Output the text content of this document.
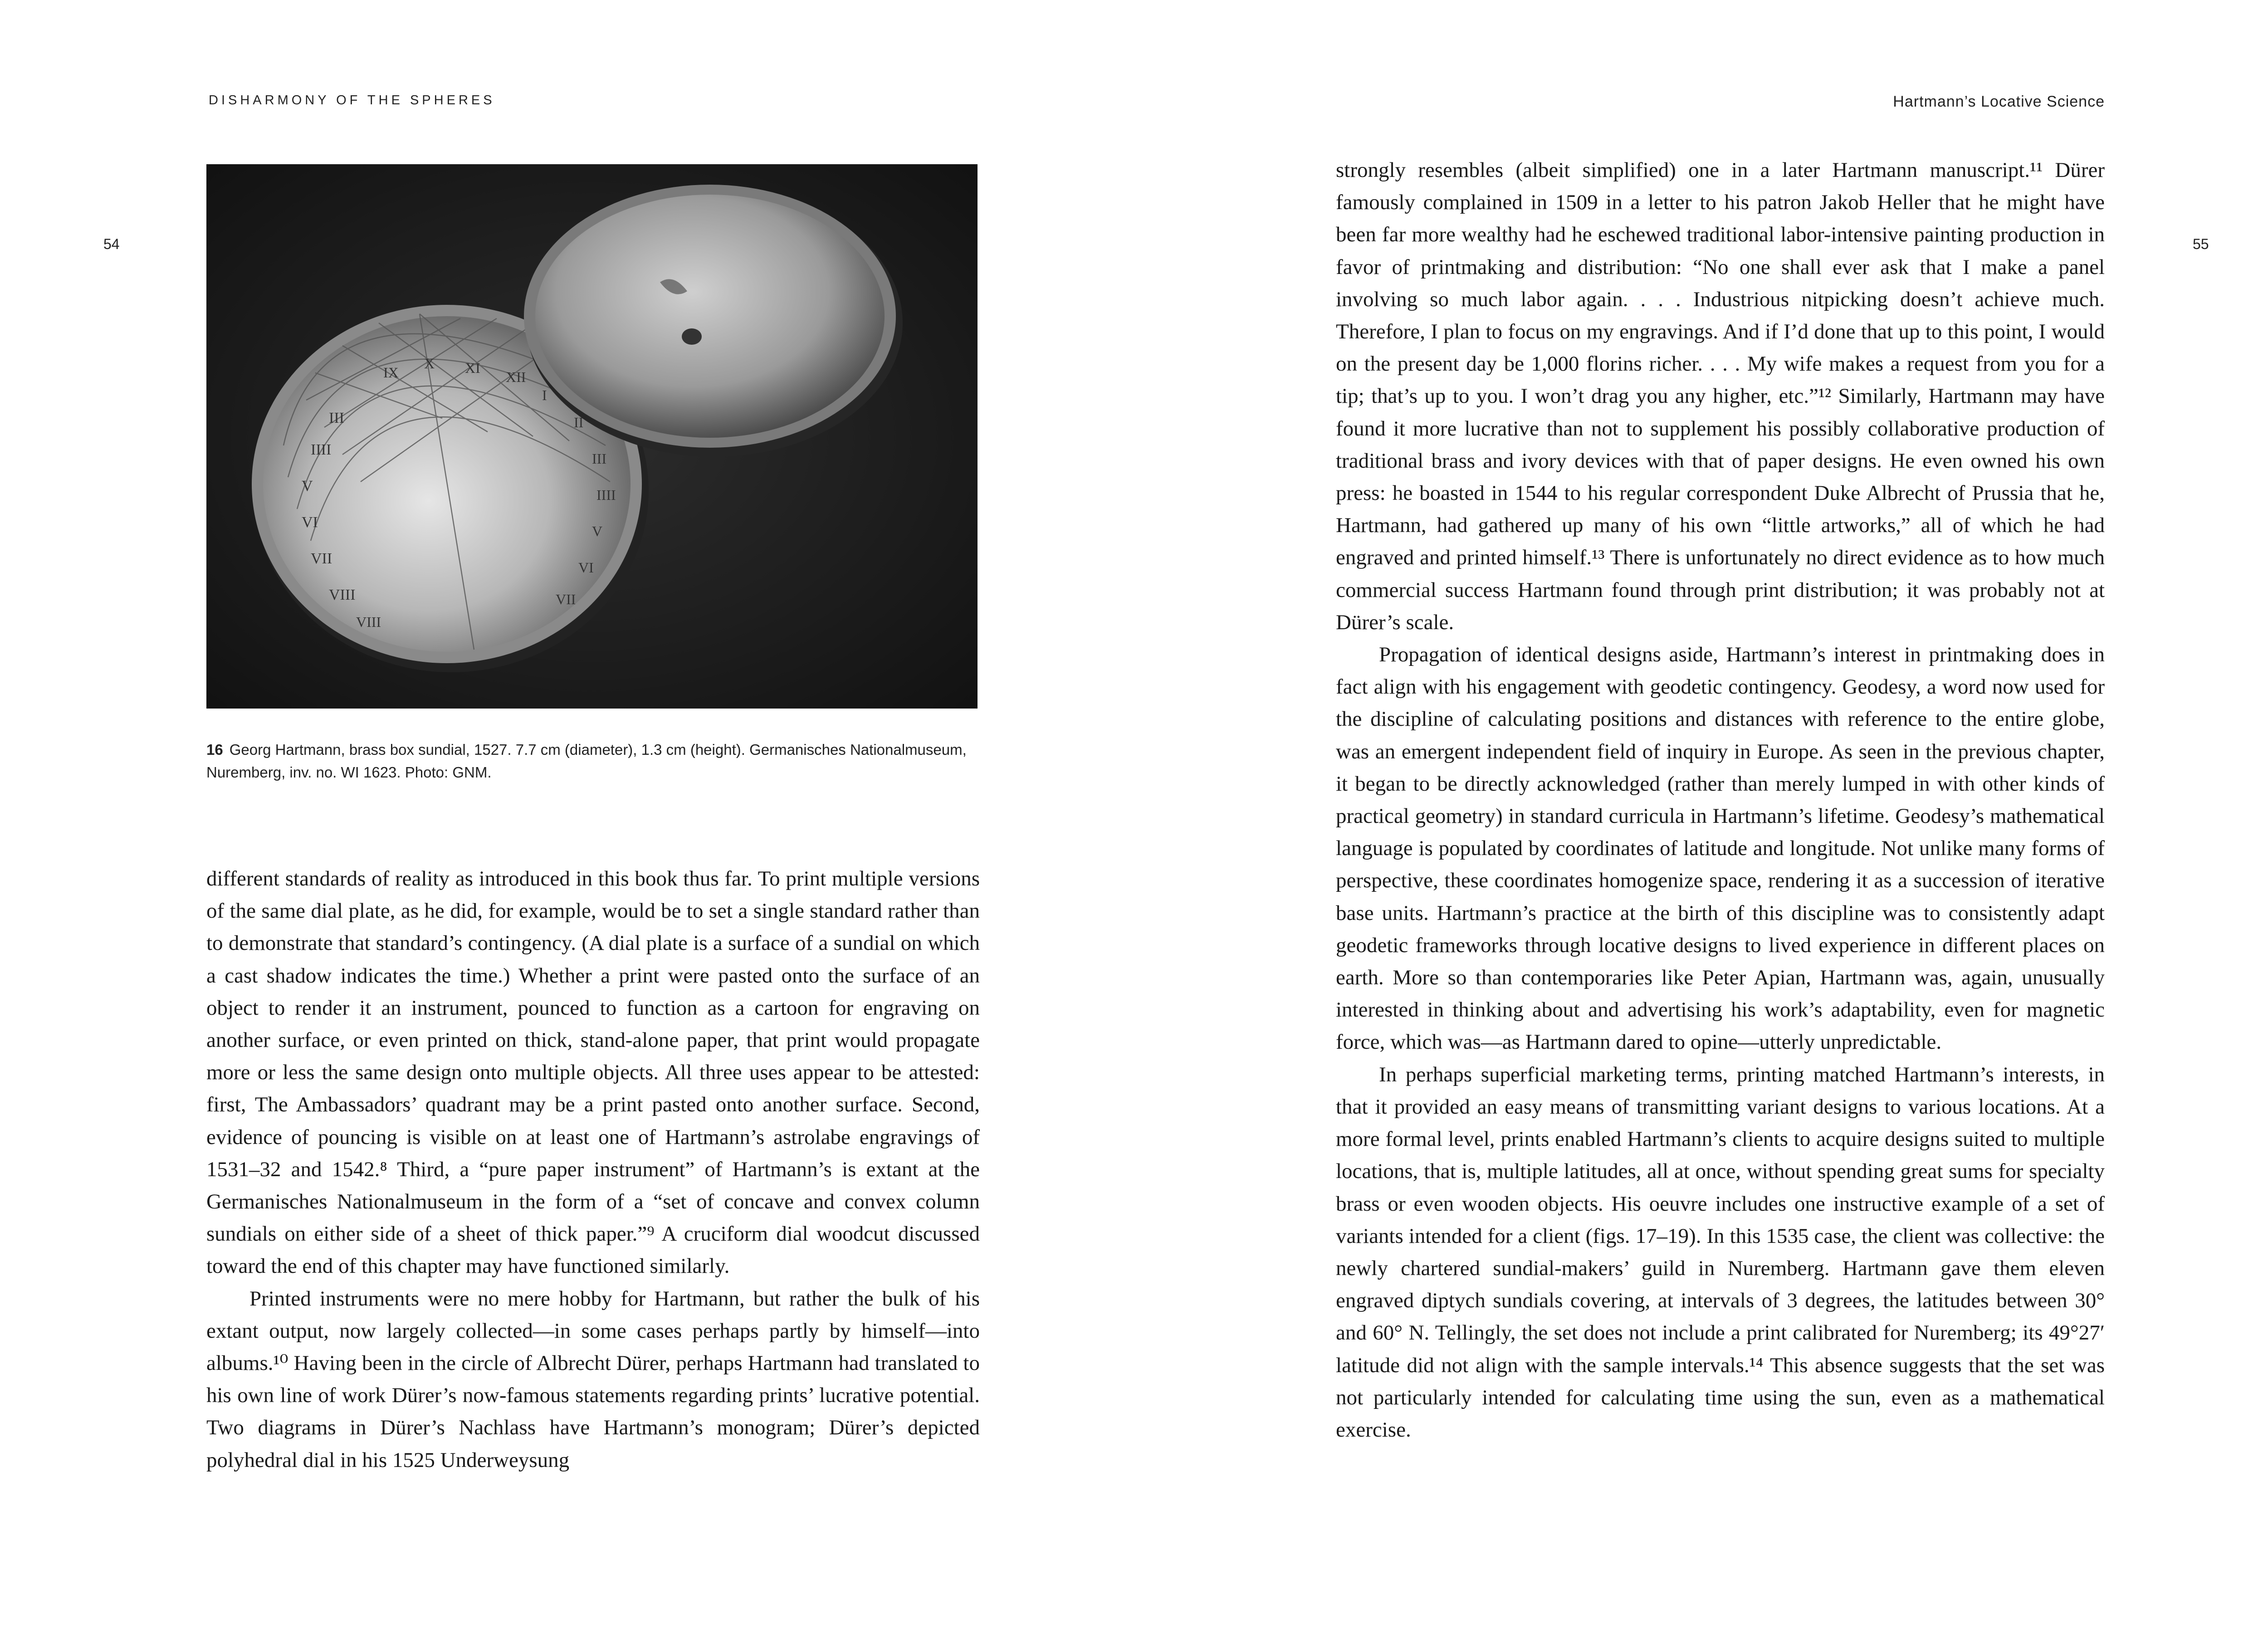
DISHARMONY OF THE SPHERES	Hartmann’s Locative Science
54	55
VIII
VII
VI
V
IIII
III
IX
X XI
XII
I
II
III
IIII
V
VI
VII
VIII
16 Georg Hartmann, brass box sundial, 1527. 7.7 cm (diameter), 1.3 cm (height). Germanisches Nationalmuseum, Nuremberg, inv. no. WI 1623. Photo: GNM.

different standards of reality as introduced in this book thus far. To print multiple versions of the same dial plate, as he did, for example, would be to set a single standard rather than to demonstrate that standard’s contingency. (A dial plate is a surface of a sundial on which a cast shadow indicates the time.) Whether a print were pasted onto the surface of an object to render it an instrument, pounced to function as a cartoon for engraving on another surface, or even printed on thick, stand-alone paper, that print would propagate more or less the same design onto multiple objects. All three uses appear to be attested: first, The Ambassadors’ quadrant may be a print pasted onto another surface. Second, evidence of pouncing is visible on at least one of Hartmann’s astrolabe engravings of 1531–32 and 1542.⁸ Third, a “pure paper instrument” of Hartmann’s is extant at the Germanisches Nationalmuseum in the form of a “set of concave and convex column sundials on either side of a sheet of thick paper.”⁹ A cruciform dial woodcut discussed toward the end of this chapter may have functioned similarly.

Printed instruments were no mere hobby for Hartmann, but rather the bulk of his extant output, now largely collected—in some cases perhaps partly by himself—into albums.¹⁰ Having been in the circle of Albrecht Dürer, perhaps Hartmann had translated to his own line of work Dürer’s now-famous statements regarding prints’ lucrative potential. Two diagrams in Dürer’s Nachlass have Hartmann’s monogram; Dürer’s depicted polyhedral dial in his 1525 Underweysung

strongly resembles (albeit simplified) one in a later Hartmann manuscript.¹¹ Dürer famously complained in 1509 in a letter to his patron Jakob Heller that he might have been far more wealthy had he eschewed traditional labor-intensive painting production in favor of printmaking and distribution: “No one shall ever ask that I make a panel involving so much labor again. . . . Industrious nitpicking doesn’t achieve much. Therefore, I plan to focus on my engravings. And if I’d done that up to this point, I would on the present day be 1,000 florins richer. . . . My wife makes a request from you for a tip; that’s up to you. I won’t drag you any higher, etc.”¹² Similarly, Hartmann may have found it more lucrative than not to supplement his possibly collaborative production of traditional brass and ivory devices with that of paper designs. He even owned his own press: he boasted in 1544 to his regular correspondent Duke Albrecht of Prussia that he, Hartmann, had gathered up many of his own “little artworks,” all of which he had engraved and printed himself.¹³ There is unfortunately no direct evidence as to how much commercial success Hartmann found through print distribution; it was probably not at Dürer’s scale.

Propagation of identical designs aside, Hartmann’s interest in printmaking does in fact align with his engagement with geodetic contingency. Geodesy, a word now used for the discipline of calculating positions and distances with reference to the entire globe, was an emergent independent field of inquiry in Europe. As seen in the previous chapter, it began to be directly acknowledged (rather than merely lumped in with other kinds of practical geometry) in standard curricula in Hartmann’s lifetime. Geodesy’s mathematical language is populated by coordinates of latitude and longitude. Not unlike many forms of perspective, these coordinates homogenize space, rendering it as a succession of iterative base units. Hartmann’s practice at the birth of this discipline was to consistently adapt geodetic frameworks through locative designs to lived experience in different places on earth. More so than contemporaries like Peter Apian, Hartmann was, again, unusually interested in thinking about and advertising his work’s adaptability, even for magnetic force, which was—as Hartmann dared to opine—utterly unpredictable.

In perhaps superficial marketing terms, printing matched Hartmann’s interests, in that it provided an easy means of transmitting variant designs to various locations. At a more formal level, prints enabled Hartmann’s clients to acquire designs suited to multiple locations, that is, multiple latitudes, all at once, without spending great sums for specialty brass or even wooden objects. His oeuvre includes one instructive example of a set of variants intended for a client (figs. 17–19). In this 1535 case, the client was collective: the newly chartered sundial-makers’ guild in Nuremberg. Hartmann gave them eleven engraved diptych sundials covering, at intervals of 3 degrees, the latitudes between 30° and 60° N. Tellingly, the set does not include a print calibrated for Nuremberg; its 49°27′ latitude did not align with the sample intervals.¹⁴ This absence suggests that the set was not particularly intended for calculating time using the sun, even as a mathematical exercise.
